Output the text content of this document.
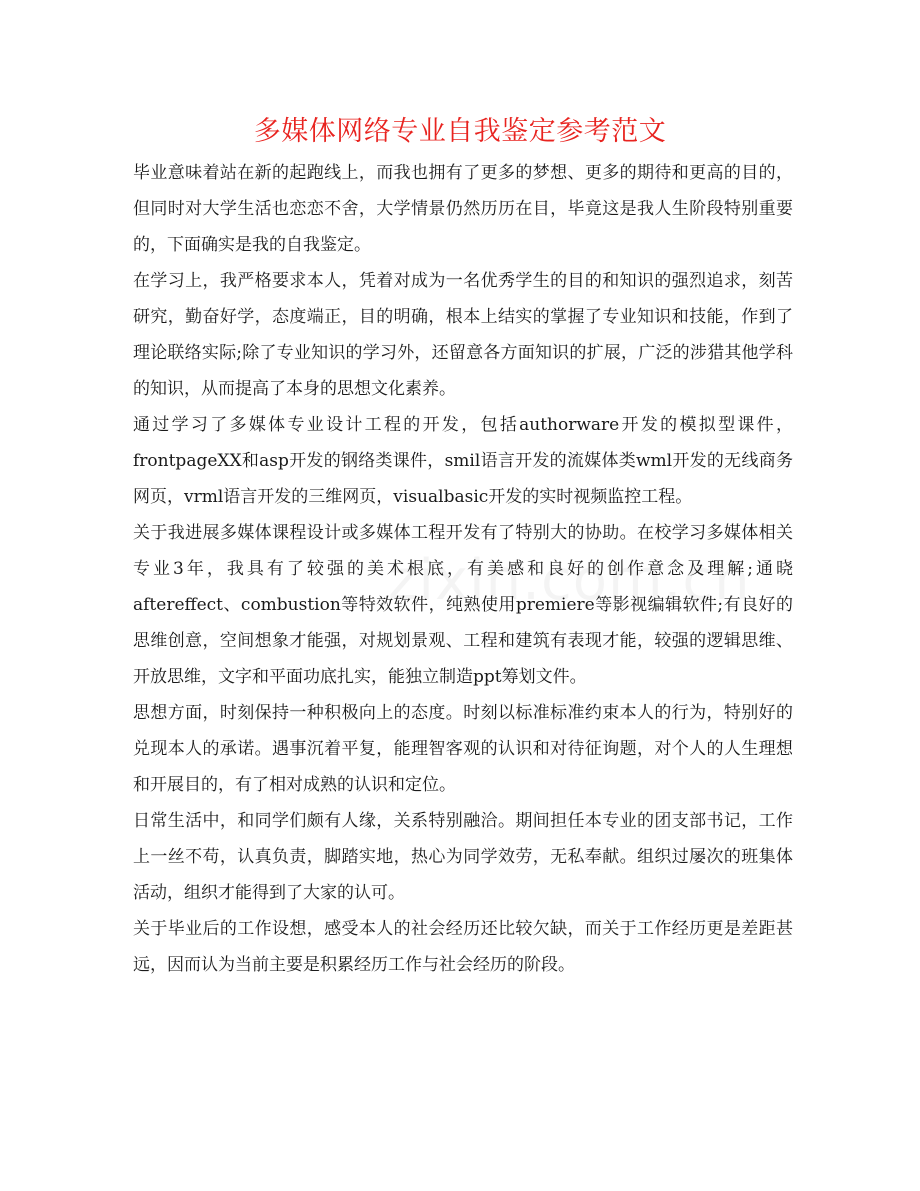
多媒体网络专业自我鉴定参考范文

毕业意味着站在新的起跑线上，而我也拥有了更多的梦想、更多的期待和更高的目的，但同时对大学生活也恋恋不舍，大学情景仍然历历在目，毕竟这是我人生阶段特别重要的，下面确实是我的自我鉴定。

在学习上，我严格要求本人，凭着对成为一名优秀学生的目的和知识的强烈追求，刻苦研究，勤奋好学，态度端正，目的明确，根本上结实的掌握了专业知识和技能，作到了理论联络实际;除了专业知识的学习外，还留意各方面知识的扩展，广泛的涉猎其他学科的知识，从而提高了本身的思想文化素养。

通过学习了多媒体专业设计工程的开发，包括authorware开发的模拟型课件，frontpageXX和asp开发的钢络类课件，smil语言开发的流媒体类wml开发的无线商务网页，vrml语言开发的三维网页，visualbasic开发的实时视频监控工程。

关于我进展多媒体课程设计或多媒体工程开发有了特别大的协助。在校学习多媒体相关专业3年，我具有了较强的美术根底，有美感和良好的创作意念及理解;通晓aftereffect、combustion等特效软件，纯熟使用premiere等影视编辑软件;有良好的思维创意，空间想象才能强，对规划景观、工程和建筑有表现才能，较强的逻辑思维、开放思维，文字和平面功底扎实，能独立制造ppt筹划文件。

思想方面，时刻保持一种积极向上的态度。时刻以标准标准约束本人的行为，特别好的兑现本人的承诺。遇事沉着平复，能理智客观的认识和对待征询题，对个人的人生理想和开展目的，有了相对成熟的认识和定位。

日常生活中，和同学们颇有人缘，关系特别融洽。期间担任本专业的团支部书记，工作上一丝不苟，认真负责，脚踏实地，热心为同学效劳，无私奉献。组织过屡次的班集体活动，组织才能得到了大家的认可。

关于毕业后的工作设想，感受本人的社会经历还比较欠缺，而关于工作经历更是差距甚远，因而认为当前主要是积累经历工作与社会经历的阶段。
